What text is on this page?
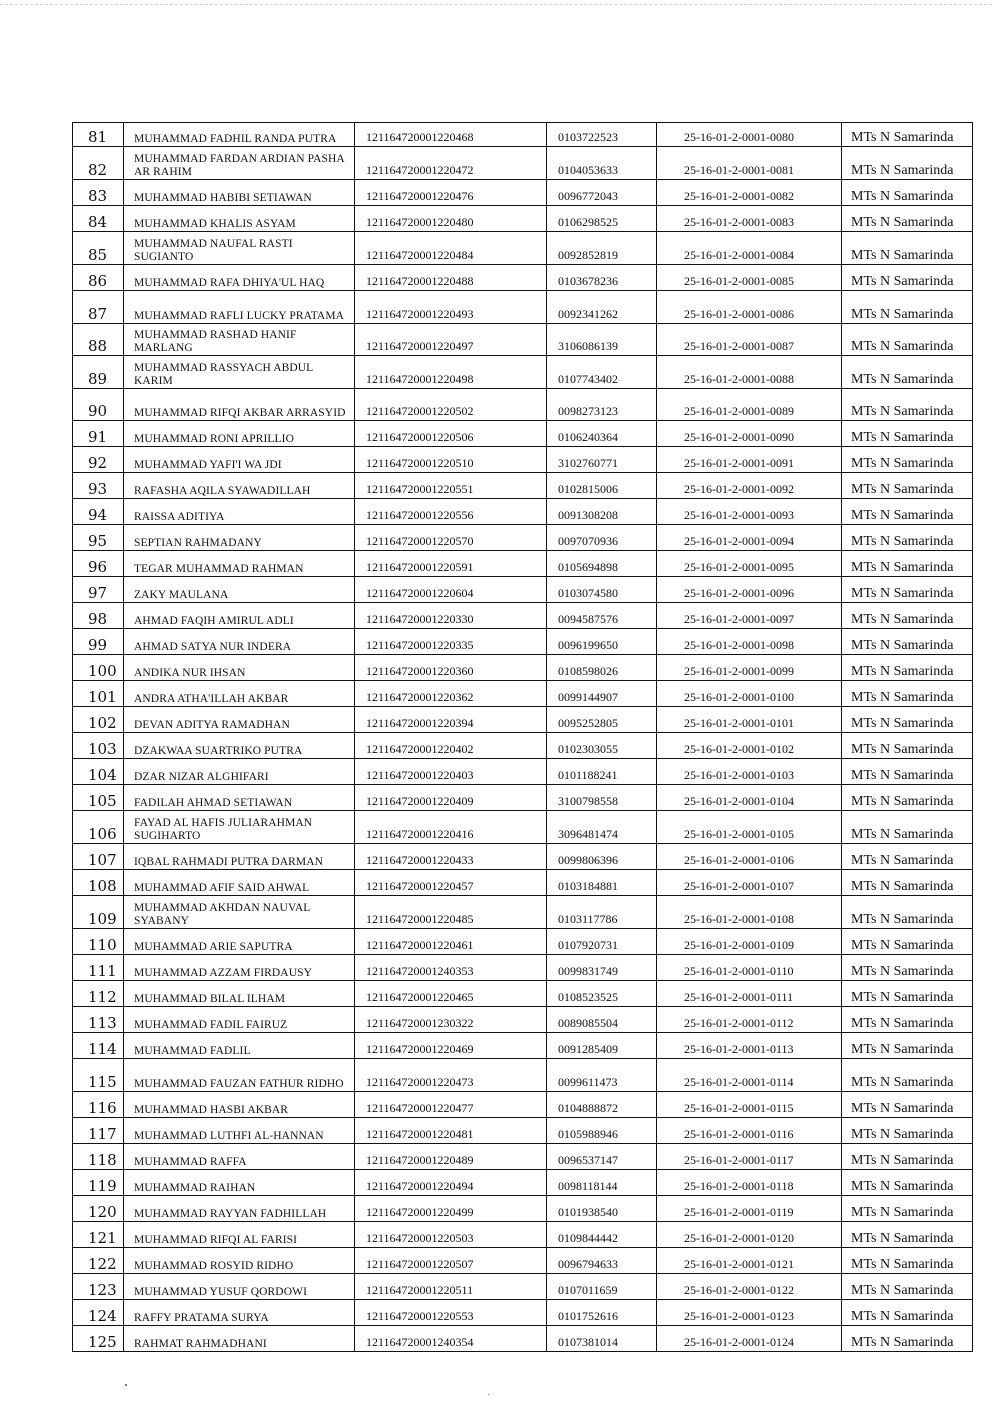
81	MUHAMMAD FADHIL RANDA PUTRA	121164720001220468	0103722523	25-16-01-2-0001-0080	MTs N Samarinda
82	MUHAMMAD FARDAN ARDIAN PASHA AR RAHIM	121164720001220472	0104053633	25-16-01-2-0001-0081	MTs N Samarinda
83	MUHAMMAD HABIBI SETIAWAN	121164720001220476	0096772043	25-16-01-2-0001-0082	MTs N Samarinda
84	MUHAMMAD KHALIS ASYAM	121164720001220480	0106298525	25-16-01-2-0001-0083	MTs N Samarinda
85	MUHAMMAD NAUFAL RASTI SUGIANTO	121164720001220484	0092852819	25-16-01-2-0001-0084	MTs N Samarinda
86	MUHAMMAD RAFA DHIYA'UL HAQ	121164720001220488	0103678236	25-16-01-2-0001-0085	MTs N Samarinda
87	MUHAMMAD RAFLI LUCKY PRATAMA	121164720001220493	0092341262	25-16-01-2-0001-0086	MTs N Samarinda
88	MUHAMMAD RASHAD HANIF MARLANG	121164720001220497	3106086139	25-16-01-2-0001-0087	MTs N Samarinda
89	MUHAMMAD RASSYACH ABDUL KARIM	121164720001220498	0107743402	25-16-01-2-0001-0088	MTs N Samarinda
90	MUHAMMAD RIFQI AKBAR ARRASYID	121164720001220502	0098273123	25-16-01-2-0001-0089	MTs N Samarinda
91	MUHAMMAD RONI APRILLIO	121164720001220506	0106240364	25-16-01-2-0001-0090	MTs N Samarinda
92	MUHAMMAD YAFI'I WA JDI	121164720001220510	3102760771	25-16-01-2-0001-0091	MTs N Samarinda
93	RAFASHA AQILA SYAWADILLAH	121164720001220551	0102815006	25-16-01-2-0001-0092	MTs N Samarinda
94	RAISSA ADITIYA	121164720001220556	0091308208	25-16-01-2-0001-0093	MTs N Samarinda
95	SEPTIAN RAHMADANY	121164720001220570	0097070936	25-16-01-2-0001-0094	MTs N Samarinda
96	TEGAR MUHAMMAD RAHMAN	121164720001220591	0105694898	25-16-01-2-0001-0095	MTs N Samarinda
97	ZAKY MAULANA	121164720001220604	0103074580	25-16-01-2-0001-0096	MTs N Samarinda
98	AHMAD FAQIH AMIRUL ADLI	121164720001220330	0094587576	25-16-01-2-0001-0097	MTs N Samarinda
99	AHMAD SATYA NUR INDERA	121164720001220335	0096199650	25-16-01-2-0001-0098	MTs N Samarinda
100	ANDIKA NUR IHSAN	121164720001220360	0108598026	25-16-01-2-0001-0099	MTs N Samarinda
101	ANDRA ATHA'ILLAH AKBAR	121164720001220362	0099144907	25-16-01-2-0001-0100	MTs N Samarinda
102	DEVAN ADITYA RAMADHAN	121164720001220394	0095252805	25-16-01-2-0001-0101	MTs N Samarinda
103	DZAKWAA SUARTRIKO PUTRA	121164720001220402	0102303055	25-16-01-2-0001-0102	MTs N Samarinda
104	DZAR NIZAR ALGHIFARI	121164720001220403	0101188241	25-16-01-2-0001-0103	MTs N Samarinda
105	FADILAH AHMAD SETIAWAN	121164720001220409	3100798558	25-16-01-2-0001-0104	MTs N Samarinda
106	FAYAD AL HAFIS JULIARAHMAN SUGIHARTO	121164720001220416	3096481474	25-16-01-2-0001-0105	MTs N Samarinda
107	IQBAL RAHMADI PUTRA DARMAN	121164720001220433	0099806396	25-16-01-2-0001-0106	MTs N Samarinda
108	MUHAMMAD AFIF SAID AHWAL	121164720001220457	0103184881	25-16-01-2-0001-0107	MTs N Samarinda
109	MUHAMMAD AKHDAN NAUVAL SYABANY	121164720001220485	0103117786	25-16-01-2-0001-0108	MTs N Samarinda
110	MUHAMMAD ARIE SAPUTRA	121164720001220461	0107920731	25-16-01-2-0001-0109	MTs N Samarinda
111	MUHAMMAD AZZAM FIRDAUSY	121164720001240353	0099831749	25-16-01-2-0001-0110	MTs N Samarinda
112	MUHAMMAD BILAL ILHAM	121164720001220465	0108523525	25-16-01-2-0001-0111	MTs N Samarinda
113	MUHAMMAD FADIL FAIRUZ	121164720001230322	0089085504	25-16-01-2-0001-0112	MTs N Samarinda
114	MUHAMMAD FADLIL	121164720001220469	0091285409	25-16-01-2-0001-0113	MTs N Samarinda
115	MUHAMMAD FAUZAN FATHUR RIDHO	121164720001220473	0099611473	25-16-01-2-0001-0114	MTs N Samarinda
116	MUHAMMAD HASBI AKBAR	121164720001220477	0104888872	25-16-01-2-0001-0115	MTs N Samarinda
117	MUHAMMAD LUTHFI AL-HANNAN	121164720001220481	0105988946	25-16-01-2-0001-0116	MTs N Samarinda
118	MUHAMMAD RAFFA	121164720001220489	0096537147	25-16-01-2-0001-0117	MTs N Samarinda
119	MUHAMMAD RAIHAN	121164720001220494	0098118144	25-16-01-2-0001-0118	MTs N Samarinda
120	MUHAMMAD RAYYAN FADHILLAH	121164720001220499	0101938540	25-16-01-2-0001-0119	MTs N Samarinda
121	MUHAMMAD RIFQI AL FARISI	121164720001220503	0109844442	25-16-01-2-0001-0120	MTs N Samarinda
122	MUHAMMAD ROSYID RIDHO	121164720001220507	0096794633	25-16-01-2-0001-0121	MTs N Samarinda
123	MUHAMMAD YUSUF QORDOWI	121164720001220511	0107011659	25-16-01-2-0001-0122	MTs N Samarinda
124	RAFFY PRATAMA SURYA	121164720001220553	0101752616	25-16-01-2-0001-0123	MTs N Samarinda
125	RAHMAT RAHMADHANI	121164720001240354	0107381014	25-16-01-2-0001-0124	MTs N Samarinda
